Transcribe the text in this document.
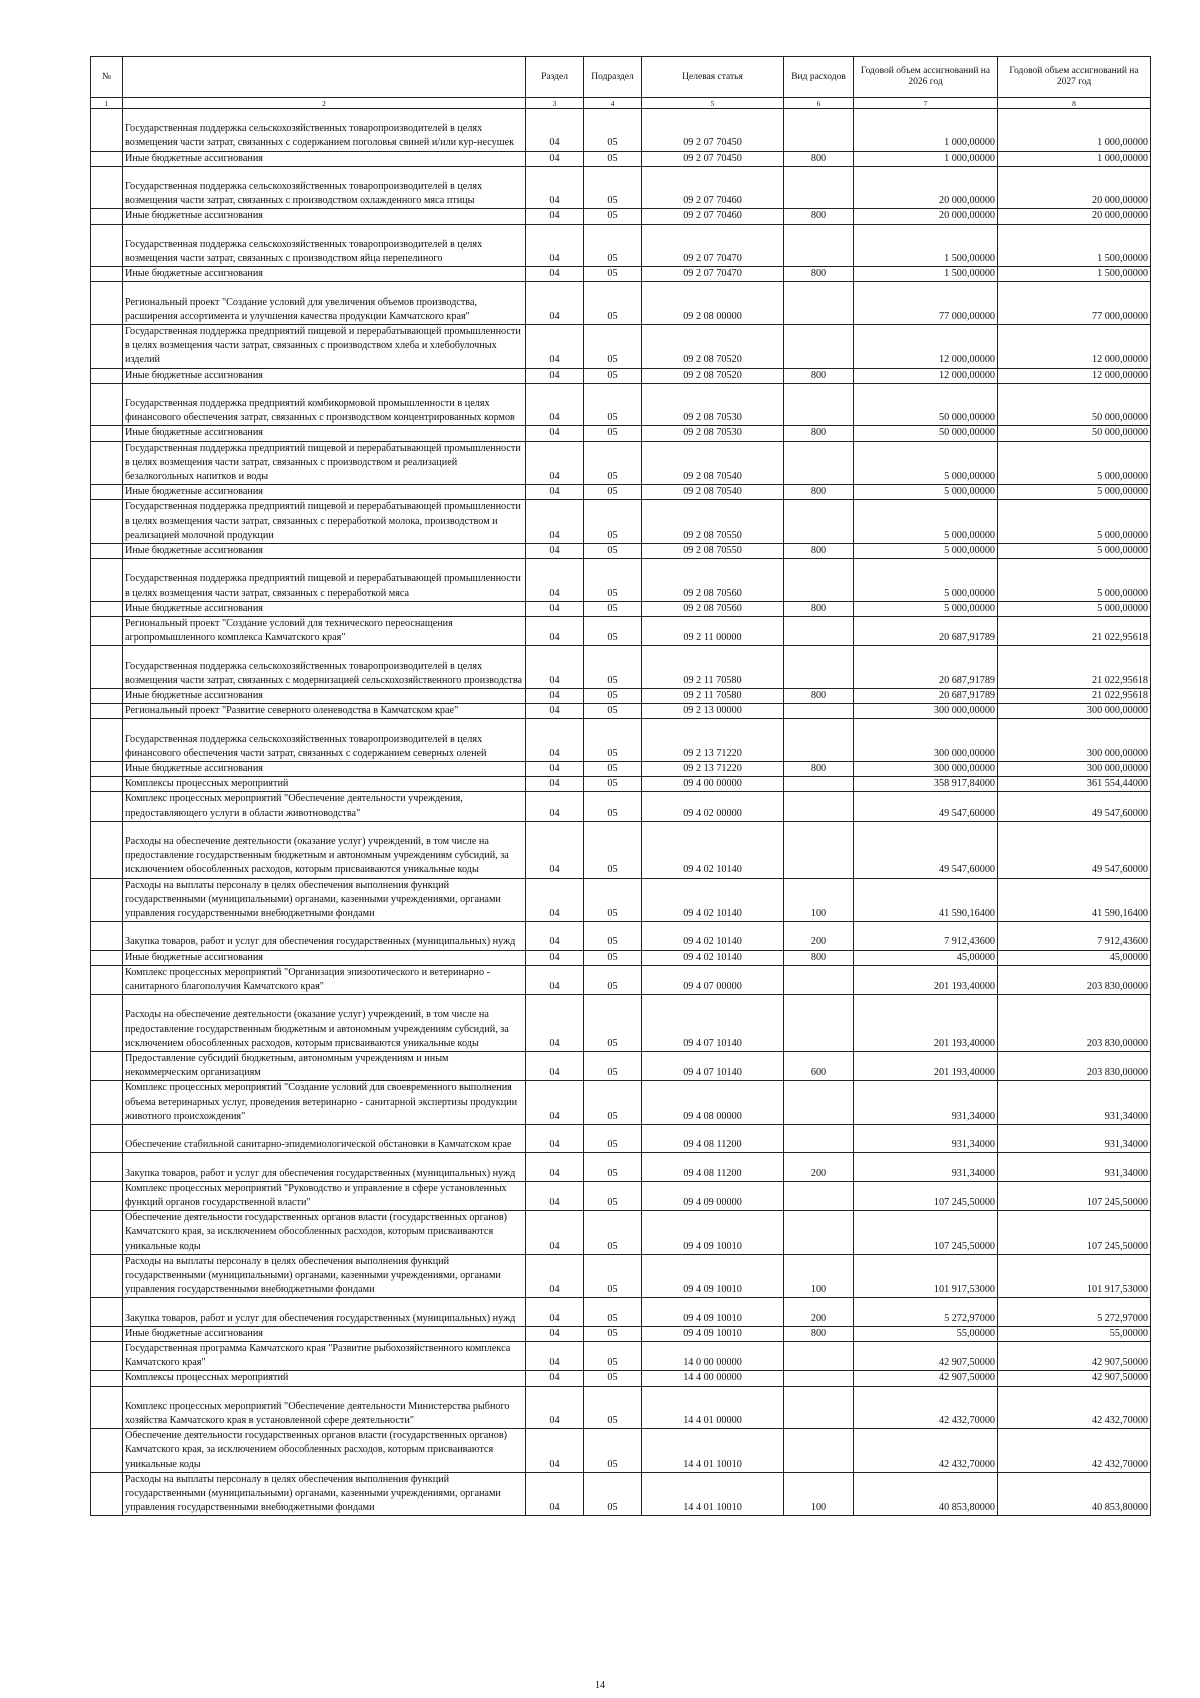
№		Раздел	Подраздел	Целевая статья	Вид расходов	Годовой объем ассигнований на 2026 год	Годовой объем ассигнований на 2027 год
1	2	3	4	5	6	7	8
	Государственная поддержка сельскохозяйственных товаропроизводителей в целях возмещения части затрат, связанных с содержанием поголовья свиней и/или кур-несушек	04	05	09 2 07 70450		1 000,00000	1 000,00000
	Иные бюджетные ассигнования	04	05	09 2 07 70450	800	1 000,00000	1 000,00000
	Государственная поддержка сельскохозяйственных товаропроизводителей в целях возмещения части затрат, связанных с производством охлажденного мяса птицы	04	05	09 2 07 70460		20 000,00000	20 000,00000
	Иные бюджетные ассигнования	04	05	09 2 07 70460	800	20 000,00000	20 000,00000
	Государственная поддержка сельскохозяйственных товаропроизводителей в целях возмещения части затрат, связанных с производством яйца перепелиного	04	05	09 2 07 70470		1 500,00000	1 500,00000
	Иные бюджетные ассигнования	04	05	09 2 07 70470	800	1 500,00000	1 500,00000
	Региональный проект "Создание условий для увеличения объемов производства, расширения ассортимента и улучшения качества продукции Камчатского края"	04	05	09 2 08 00000		77 000,00000	77 000,00000
	Государственная поддержка предприятий пищевой и перерабатывающей промышленности в целях возмещения части затрат, связанных с производством хлеба и хлебобулочных изделий	04	05	09 2 08 70520		12 000,00000	12 000,00000
	Иные бюджетные ассигнования	04	05	09 2 08 70520	800	12 000,00000	12 000,00000
	Государственная поддержка предприятий комбикормовой промышленности в целях финансового обеспечения затрат, связанных с производством концентрированных кормов	04	05	09 2 08 70530		50 000,00000	50 000,00000
	Иные бюджетные ассигнования	04	05	09 2 08 70530	800	50 000,00000	50 000,00000
	Государственная поддержка предприятий пищевой и перерабатывающей промышленности в целях возмещения части затрат, связанных с производством и реализацией безалкогольных напитков и воды	04	05	09 2 08 70540		5 000,00000	5 000,00000
	Иные бюджетные ассигнования	04	05	09 2 08 70540	800	5 000,00000	5 000,00000
	Государственная поддержка предприятий пищевой и перерабатывающей промышленности в целях возмещения части затрат, связанных с переработкой молока, производством и реализацией молочной продукции	04	05	09 2 08 70550		5 000,00000	5 000,00000
	Иные бюджетные ассигнования	04	05	09 2 08 70550	800	5 000,00000	5 000,00000
	Государственная поддержка предприятий пищевой и перерабатывающей промышленности в целях возмещения части затрат, связанных с переработкой мяса	04	05	09 2 08 70560		5 000,00000	5 000,00000
	Иные бюджетные ассигнования	04	05	09 2 08 70560	800	5 000,00000	5 000,00000
	Региональный проект "Создание условий для технического переоснащения агропромышленного комплекса Камчатского края"	04	05	09 2 11 00000		20 687,91789	21 022,95618
	Государственная поддержка сельскохозяйственных товаропроизводителей в целях возмещения части затрат, связанных с модернизацией сельскохозяйственного производства	04	05	09 2 11 70580		20 687,91789	21 022,95618
	Иные бюджетные ассигнования	04	05	09 2 11 70580	800	20 687,91789	21 022,95618
	Региональный проект "Развитие северного оленеводства в Камчатском крае"	04	05	09 2 13 00000		300 000,00000	300 000,00000
	Государственная поддержка сельскохозяйственных товаропроизводителей в целях финансового обеспечения части затрат, связанных с содержанием северных оленей	04	05	09 2 13 71220		300 000,00000	300 000,00000
	Иные бюджетные ассигнования	04	05	09 2 13 71220	800	300 000,00000	300 000,00000
	Комплексы процессных мероприятий	04	05	09 4 00 00000		358 917,84000	361 554,44000
	Комплекс процессных мероприятий "Обеспечение деятельности учреждения, предоставляющего услуги в области животноводства"	04	05	09 4 02 00000		49 547,60000	49 547,60000
	Расходы на обеспечение деятельности (оказание услуг) учреждений, в том числе на предоставление государственным бюджетным и автономным учреждениям субсидий, за исключением обособленных расходов, которым присваиваются уникальные коды	04	05	09 4 02 10140		49 547,60000	49 547,60000
	Расходы на выплаты персоналу в целях обеспечения выполнения функций государственными (муниципальными) органами, казенными учреждениями, органами управления государственными внебюджетными фондами	04	05	09 4 02 10140	100	41 590,16400	41 590,16400
	Закупка товаров, работ и услуг для обеспечения государственных (муниципальных) нужд	04	05	09 4 02 10140	200	7 912,43600	7 912,43600
	Иные бюджетные ассигнования	04	05	09 4 02 10140	800	45,00000	45,00000
	Комплекс процессных мероприятий "Организация эпизоотического и ветеринарно - санитарного благополучия Камчатского края"	04	05	09 4 07 00000		201 193,40000	203 830,00000
	Расходы на обеспечение деятельности (оказание услуг) учреждений, в том числе на предоставление государственным бюджетным и автономным учреждениям субсидий, за исключением обособленных расходов, которым присваиваются уникальные коды	04	05	09 4 07 10140		201 193,40000	203 830,00000
	Предоставление субсидий бюджетным, автономным учреждениям и иным некоммерческим организациям	04	05	09 4 07 10140	600	201 193,40000	203 830,00000
	Комплекс процессных мероприятий "Создание условий для своевременного выполнения объема ветеринарных услуг, проведения ветеринарно - санитарной экспертизы продукции животного происхождения"	04	05	09 4 08 00000		931,34000	931,34000
	Обеспечение стабильной санитарно-эпидемиологической обстановки в Камчатском крае	04	05	09 4 08 11200		931,34000	931,34000
	Закупка товаров, работ и услуг для обеспечения государственных (муниципальных) нужд	04	05	09 4 08 11200	200	931,34000	931,34000
	Комплекс процессных мероприятий "Руководство и управление в сфере установленных функций органов государственной власти"	04	05	09 4 09 00000		107 245,50000	107 245,50000
	Обеспечение деятельности государственных органов власти (государственных органов) Камчатского края, за исключением обособленных расходов, которым присваиваются уникальные коды	04	05	09 4 09 10010		107 245,50000	107 245,50000
	Расходы на выплаты персоналу в целях обеспечения выполнения функций государственными (муниципальными) органами, казенными учреждениями, органами управления государственными внебюджетными фондами	04	05	09 4 09 10010	100	101 917,53000	101 917,53000
	Закупка товаров, работ и услуг для обеспечения государственных (муниципальных) нужд	04	05	09 4 09 10010	200	5 272,97000	5 272,97000
	Иные бюджетные ассигнования	04	05	09 4 09 10010	800	55,00000	55,00000
	Государственная программа Камчатского края "Развитие рыбохозяйственного комплекса Камчатского края"	04	05	14 0 00 00000		42 907,50000	42 907,50000
	Комплексы процессных мероприятий	04	05	14 4 00 00000		42 907,50000	42 907,50000
	Комплекс процессных мероприятий "Обеспечение деятельности Министерства рыбного хозяйства Камчатского края в установленной сфере деятельности"	04	05	14 4 01 00000		42 432,70000	42 432,70000
	Обеспечение деятельности государственных органов власти (государственных органов) Камчатского края, за исключением обособленных расходов, которым присваиваются уникальные коды	04	05	14 4 01 10010		42 432,70000	42 432,70000
	Расходы на выплаты персоналу в целях обеспечения выполнения функций государственными (муниципальными) органами, казенными учреждениями, органами управления государственными внебюджетными фондами	04	05	14 4 01 10010	100	40 853,80000	40 853,80000
14
